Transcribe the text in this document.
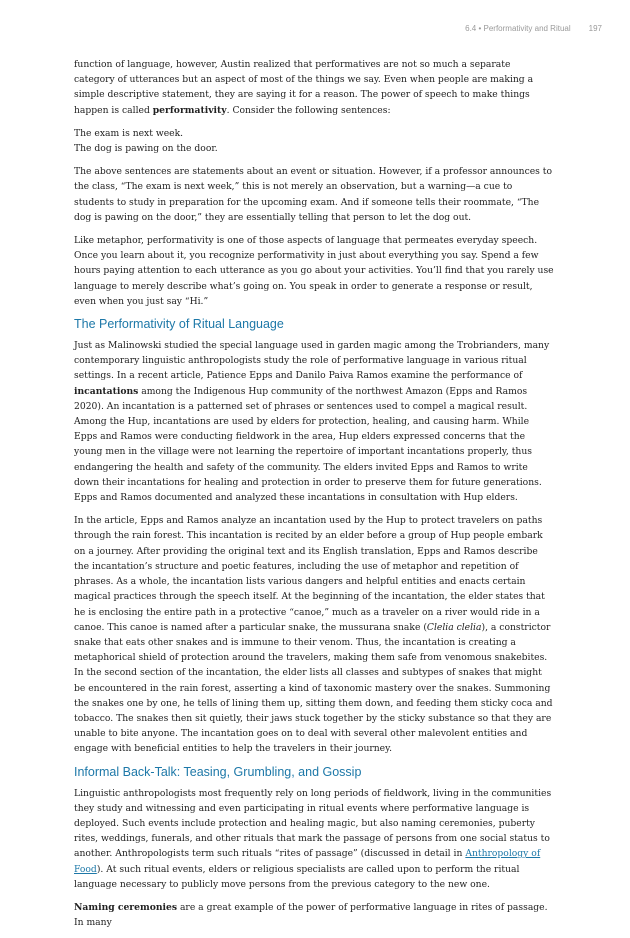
6.4 • Performativity and Ritual 197

function of language, however, Austin realized that performatives are not so much a separate category of utterances but an aspect of most of the things we say. Even when people are making a simple descriptive statement, they are saying it for a reason. The power of speech to make things happen is called performativity. Consider the following sentences:

The exam is next week.

The dog is pawing on the door.

The above sentences are statements about an event or situation. However, if a professor announces to the class, “The exam is next week,” this is not merely an observation, but a warning—a cue to students to study in preparation for the upcoming exam. And if someone tells their roommate, “The dog is pawing on the door,” they are essentially telling that person to let the dog out.

Like metaphor, performativity is one of those aspects of language that permeates everyday speech. Once you learn about it, you recognize performativity in just about everything you say. Spend a few hours paying attention to each utterance as you go about your activities. You’ll find that you rarely use language to merely describe what’s going on. You speak in order to generate a response or result, even when you just say “Hi.”

The Performativity of Ritual Language

Just as Malinowski studied the special language used in garden magic among the Trobrianders, many contemporary linguistic anthropologists study the role of performative language in various ritual settings. In a recent article, Patience Epps and Danilo Paiva Ramos examine the performance of incantations among the Indigenous Hup community of the northwest Amazon (Epps and Ramos 2020). An incantation is a patterned set of phrases or sentences used to compel a magical result. Among the Hup, incantations are used by elders for protection, healing, and causing harm. While Epps and Ramos were conducting fieldwork in the area, Hup elders expressed concerns that the young men in the village were not learning the repertoire of important incantations properly, thus endangering the health and safety of the community. The elders invited Epps and Ramos to write down their incantations for healing and protection in order to preserve them for future generations. Epps and Ramos documented and analyzed these incantations in consultation with Hup elders.

In the article, Epps and Ramos analyze an incantation used by the Hup to protect travelers on paths through the rain forest. This incantation is recited by an elder before a group of Hup people embark on a journey. After providing the original text and its English translation, Epps and Ramos describe the incantation’s structure and poetic features, including the use of metaphor and repetition of phrases. As a whole, the incantation lists various dangers and helpful entities and enacts certain magical practices through the speech itself. At the beginning of the incantation, the elder states that he is enclosing the entire path in a protective “canoe,” much as a traveler on a river would ride in a canoe. This canoe is named after a particular snake, the mussurana snake (Clelia clelia), a constrictor snake that eats other snakes and is immune to their venom. Thus, the incantation is creating a metaphorical shield of protection around the travelers, making them safe from venomous snakebites. In the second section of the incantation, the elder lists all classes and subtypes of snakes that might be encountered in the rain forest, asserting a kind of taxonomic mastery over the snakes. Summoning the snakes one by one, he tells of lining them up, sitting them down, and feeding them sticky coca and tobacco. The snakes then sit quietly, their jaws stuck together by the sticky substance so that they are unable to bite anyone. The incantation goes on to deal with several other malevolent entities and engage with beneficial entities to help the travelers in their journey.

Informal Back-Talk: Teasing, Grumbling, and Gossip

Linguistic anthropologists most frequently rely on long periods of fieldwork, living in the communities they study and witnessing and even participating in ritual events where performative language is deployed. Such events include protection and healing magic, but also naming ceremonies, puberty rites, weddings, funerals, and other rituals that mark the passage of persons from one social status to another. Anthropologists term such rituals “rites of passage” (discussed in detail in Anthropology of Food). At such ritual events, elders or religious specialists are called upon to perform the ritual language necessary to publicly move persons from the previous category to the new one.

Naming ceremonies are a great example of the power of performative language in rites of passage. In many
